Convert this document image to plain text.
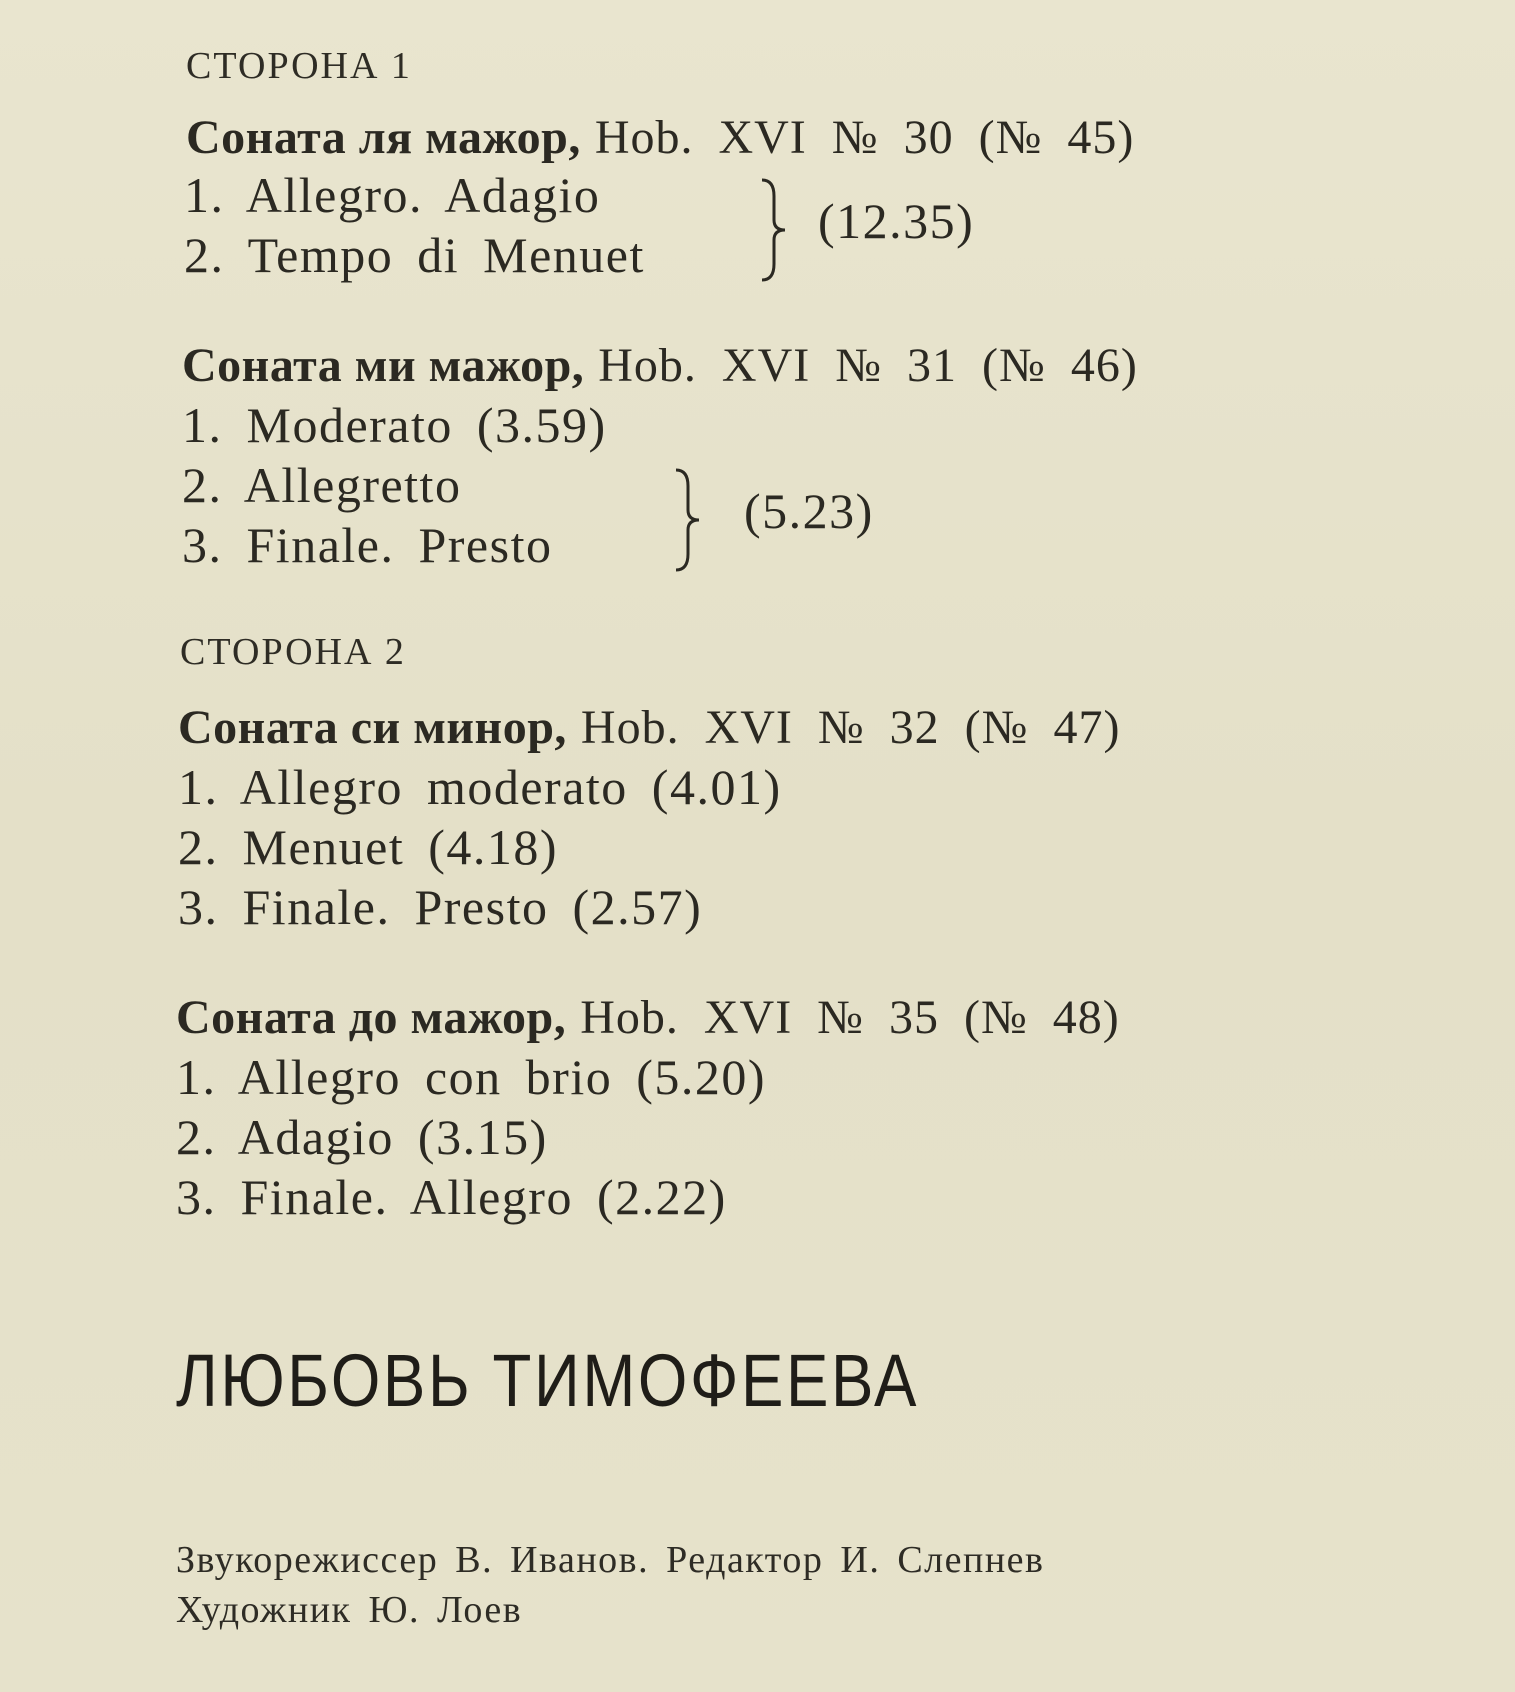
СТОРОНА 1
Соната ля мажор, Hob. XVI № 30 (№ 45)
1. Allegro. Adagio
2. Tempo di Menuet
(12.35)
Соната ми мажор, Hob. XVI № 31 (№ 46)
1. Moderato (3.59)
2. Allegretto
3. Finale. Presto
(5.23)
СТОРОНА 2
Соната си минор, Hob. XVI № 32 (№ 47)
1. Allegro moderato (4.01)
2. Menuet (4.18)
3. Finale. Presto (2.57)
Соната до мажор, Hob. XVI № 35 (№ 48)
1. Allegro con brio (5.20)
2. Adagio (3.15)
3. Finale. Allegro (2.22)
ЛЮБОВЬ ТИМОФЕЕВА
Звукорежиссер В. Иванов. Редактор И. Слепнев
Художник Ю. Лоев
